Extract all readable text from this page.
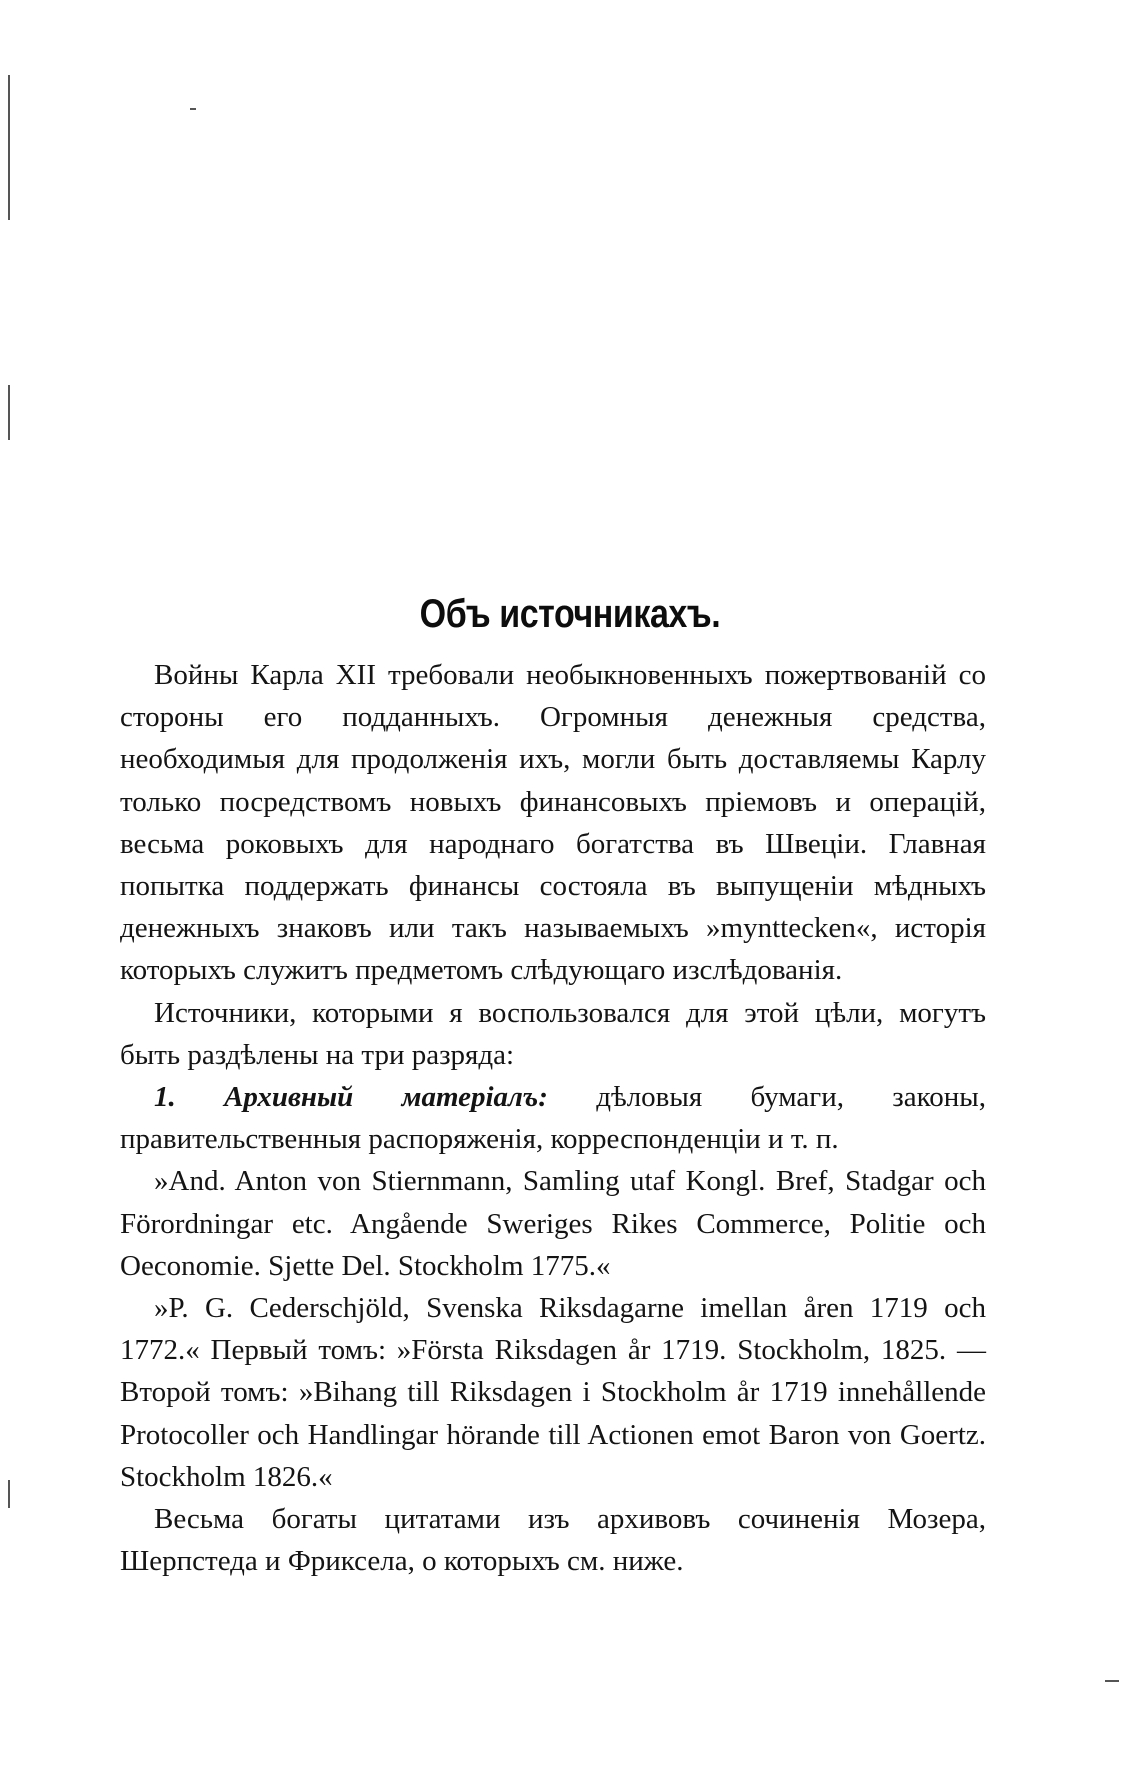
Объ источникахъ.

Войны Карла XII требовали необыкновенныхъ пожертвованій со стороны его подданныхъ. Огромныя денежныя средства, необходимыя для продолженія ихъ, могли быть доставляемы Карлу только посредствомъ новыхъ финансовыхъ пріемовъ и операцій, весьма роковыхъ для народнаго богатства въ Швеціи. Главная попытка поддержать финансы состояла въ выпущеніи мѣдныхъ денежныхъ знаковъ или такъ называемыхъ »mynttecken«, исторія которыхъ служитъ предметомъ слѣдующаго изслѣдованія.

Источники, которыми я воспользовался для этой цѣли, могутъ быть раздѣлены на три разряда:

1. Архивный матеріалъ: дѣловыя бумаги, законы, правительственныя распоряженія, корреспонденціи и т. п.

»And. Anton von Stiernmann, Samling utaf Kongl. Bref, Stadgar och Förordningar etc. Angående Sweriges Rikes Commerce, Politie och Oeconomie. Sjette Del. Stockholm 1775.«

»P. G. Cederschjöld, Svenska Riksdagarne imellan åren 1719 och 1772.« Первый томъ: »Första Riksdagen år 1719. Stockholm, 1825. — Второй томъ: »Bihang till Riksdagen i Stockholm år 1719 innehållende Protocoller och Handlingar hörande till Actionen emot Baron von Goertz. Stockholm 1826.«

Весьма богаты цитатами изъ архивовъ сочиненія Мозера, Шерпстеда и Фриксела, о которыхъ см. ниже.
